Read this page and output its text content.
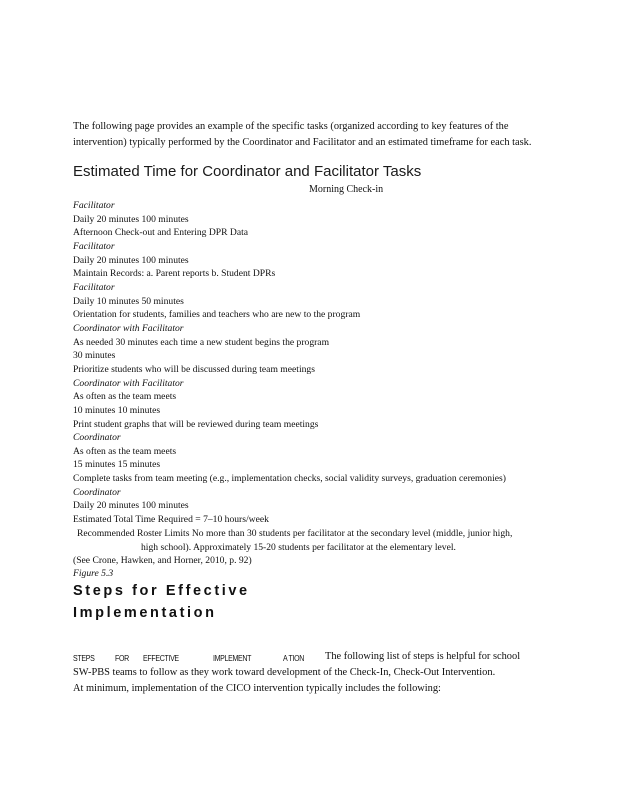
The following page provides an example of the specific tasks (organized according to key features of the intervention) typically performed by the Coordinator and Facilitator and an estimated timeframe for each task.
Estimated Time for Coordinator and Facilitator Tasks
Morning Check-in
Facilitator
Daily 20 minutes 100 minutes
Afternoon Check-out and Entering DPR Data
Facilitator
Daily 20 minutes 100 minutes
Maintain Records: a. Parent reports b. Student DPRs
Facilitator
Daily 10 minutes 50 minutes
Orientation for students, families and teachers who are new to the program
Coordinator with Facilitator
As needed 30 minutes each time a new student begins the program
30 minutes
Prioritize students who will be discussed during team meetings
Coordinator with Facilitator
As often as the team meets
10 minutes 10 minutes
Print student graphs that will be reviewed during team meetings
Coordinator
As often as the team meets
15 minutes 15 minutes
Complete tasks from team meeting (e.g., implementation checks, social validity surveys, graduation ceremonies)
Coordinator
Daily 20 minutes 100 minutes
Estimated Total Time Required = 7–10 hours/week
Recommended Roster Limits No more than 30 students per facilitator at the secondary level (middle, junior high,
high school). Approximately 15-20 students per facilitator at the elementary level.
(See Crone, Hawken, and Horner, 2010, p. 92)
Figure 5.3
Steps for Effective
Implementation
STEPS FOR EFFECTIVE	IMPLEMENT	A TION The following list of steps is helpful for school
SW-PBS teams to follow as they work toward development of the Check-In, Check-Out Intervention.
At minimum, implementation of the CICO intervention typically includes the following:
